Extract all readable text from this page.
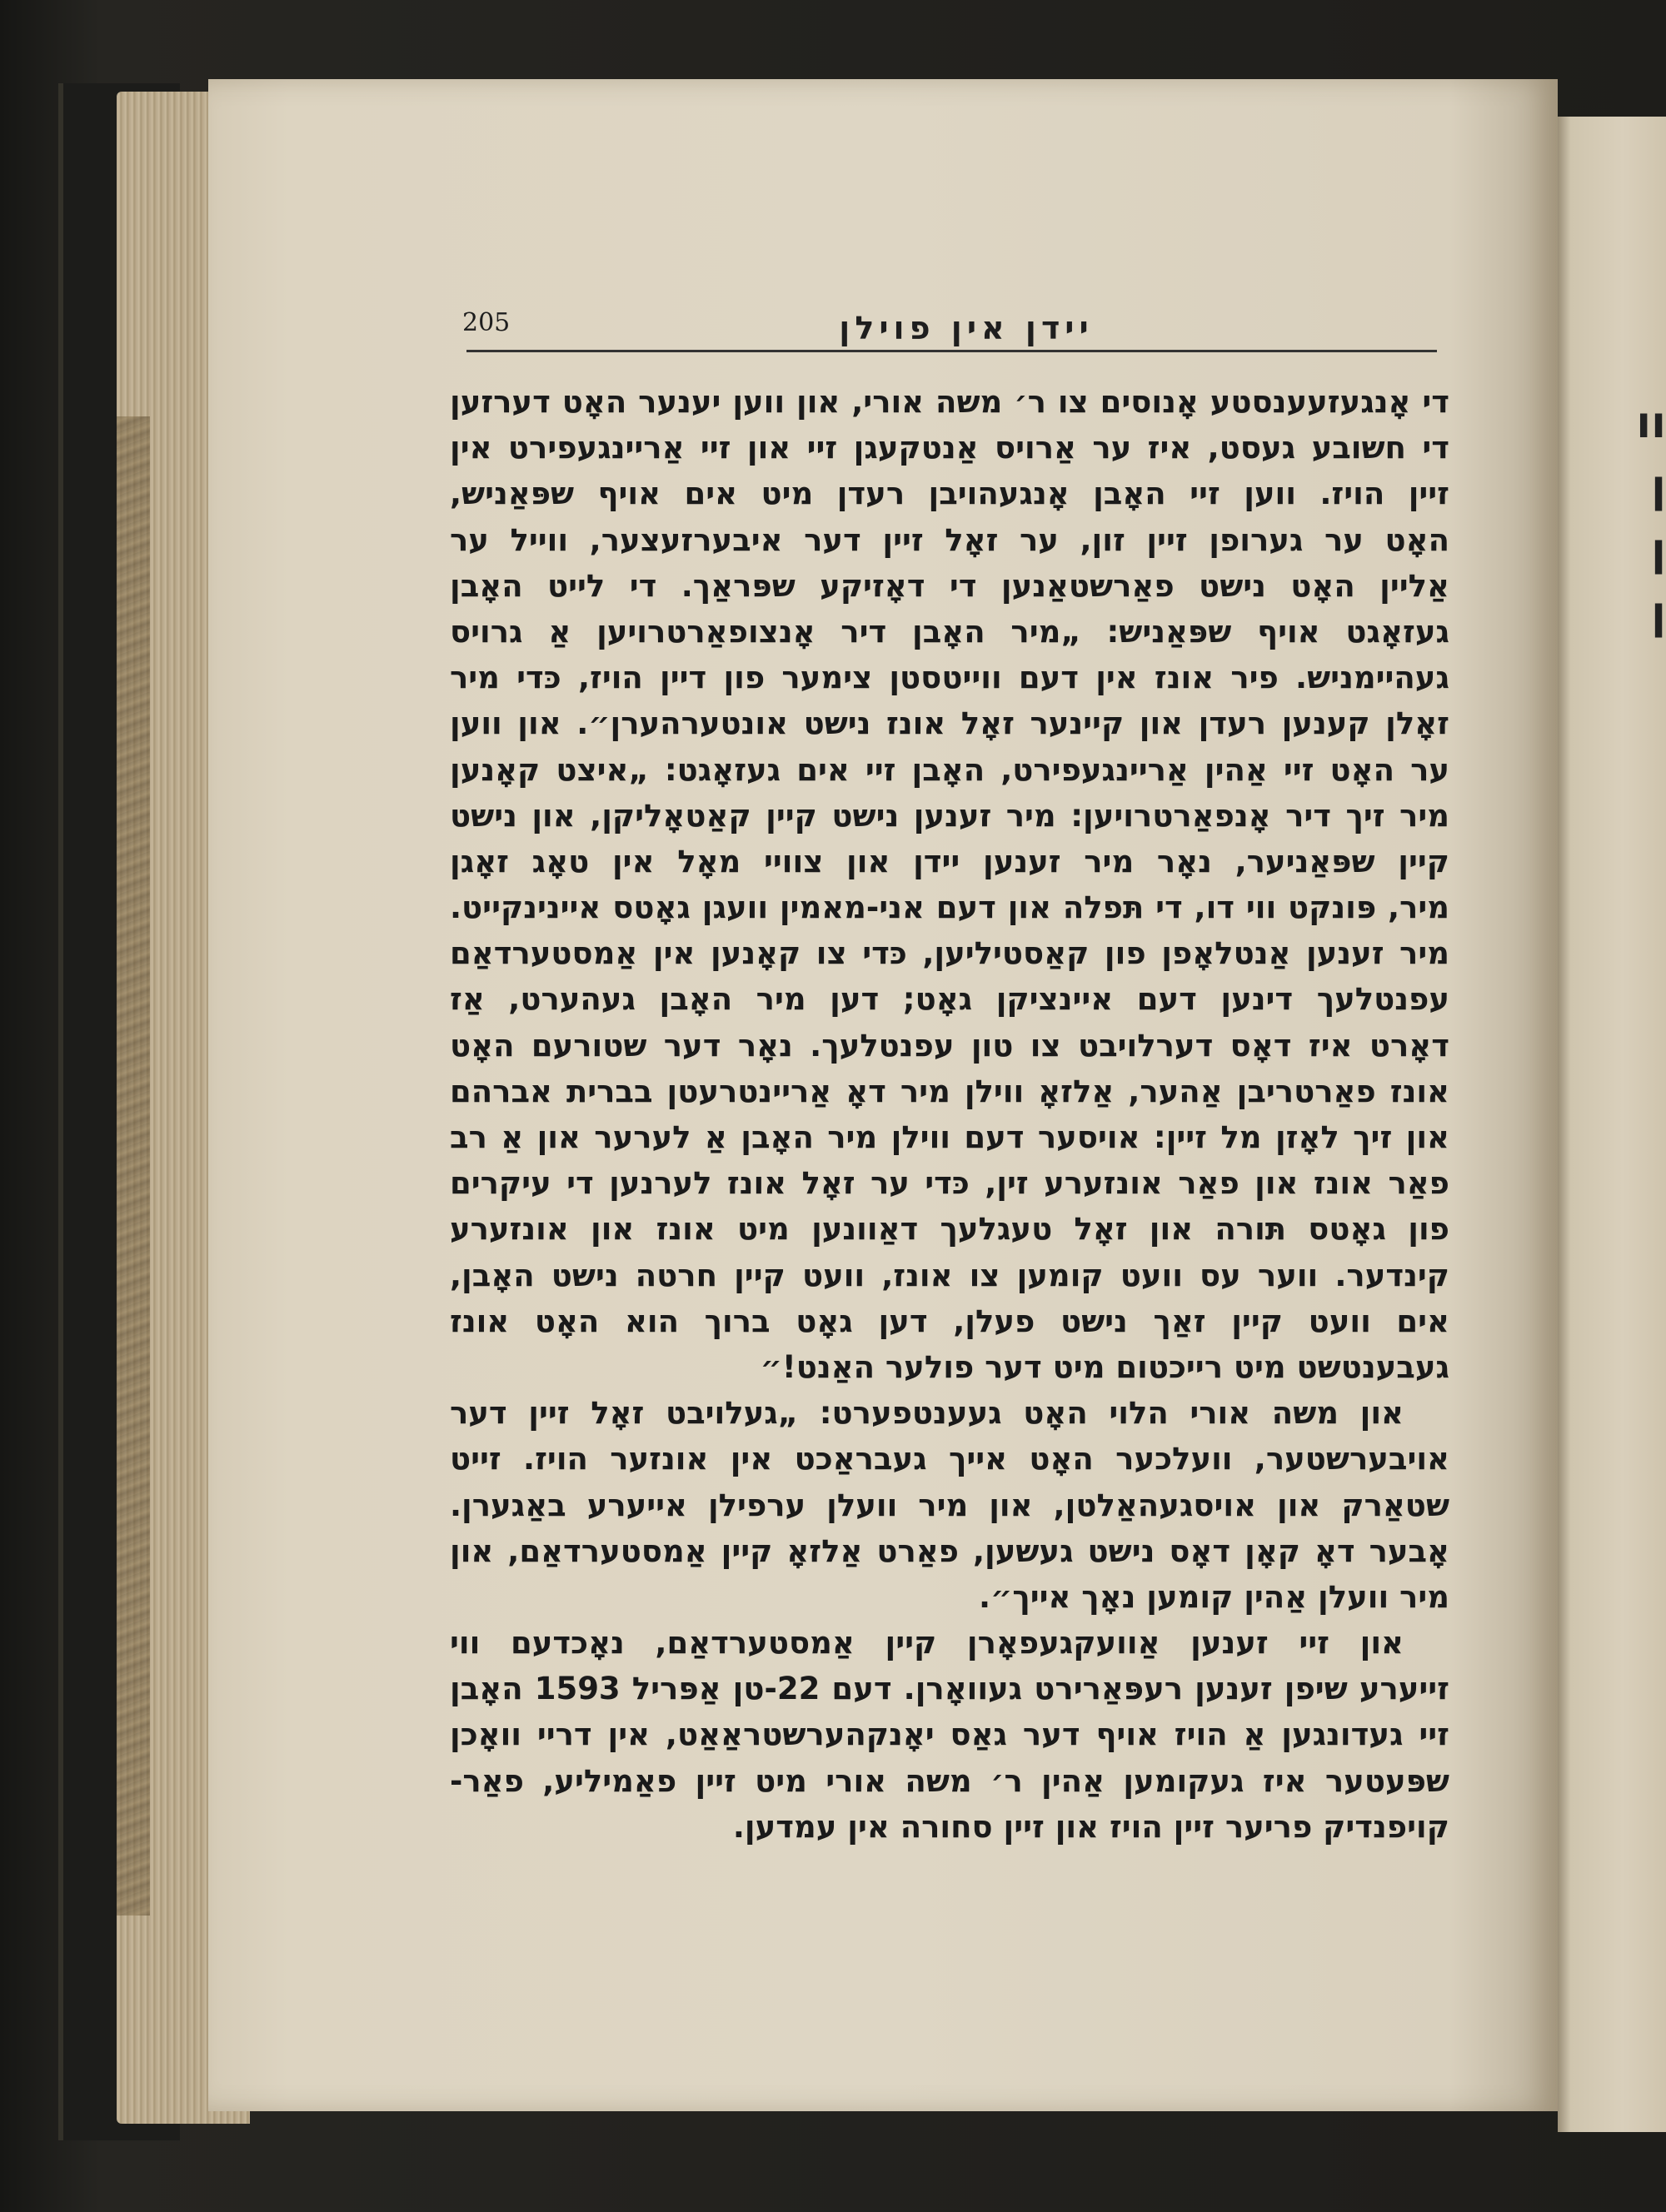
וו
ן
ן
ן
205	יידן אין פוילן
די אָנגעזעענסטע אָנוסים צו ר׳ משה אורי, און ווען יענער האָט דערזען
די חשובע געסט, איז ער אַרויס אַנטקעגן זיי און זיי אַריינגעפירט אין
זיין הויז. ווען זיי האָבן אָנגעהויבן רעדן מיט אים אויף שפּאַניש,
האָט ער גערופן זיין זון, ער זאָל זיין דער איבערזעצער, ווייל ער
אַליין האָט נישט פאַרשטאַנען די דאָזיקע שפּראַך. די לייט האָבן
געזאָגט אויף שפּאַניש: „מיר האָבן דיר אָנצופאַרטרויען אַ גרויס
געהיימניש. פיר אונז אין דעם ווייטסטן צימער פון דיין הויז, כּדי מיר
זאָלן קענען רעדן און קיינער זאָל אונז נישט אונטערהערן״. און ווען
ער האָט זיי אַהין אַריינגעפירט, האָבן זיי אים געזאָגט: „איצט קאָנען
מיר זיך דיר אָנפאַרטרויען: מיר זענען נישט קיין קאַטאָליקן, און נישט
קיין שפּאַניער, נאָר מיר זענען יידן און צוויי מאָל אין טאָג זאָגן
מיר, פּונקט ווי דו, די תּפלה און דעם אני-מאמין וועגן גאָטס איינינקייט.
מיר זענען אַנטלאָפן פון קאַסטיליען, כּדי צו קאָנען אין אַמסטערדאַם
עפנטלעך דינען דעם איינציקן גאָט; דען מיר האָבן געהערט, אַז
דאָרט איז דאָס דערלויבט צו טון עפנטלעך. נאָר דער שטורעם האָט
אונז פאַרטריבן אַהער, אַלזאָ ווילן מיר דאָ אַריינטרעטן בברית אברהם
און זיך לאָזן מל זיין: אויסער דעם ווילן מיר האָבן אַ לערער און אַ רב
פאַר אונז און פאַר אונזערע זין, כּדי ער זאָל אונז לערנען די עיקרים
פון גאָטס תּורה און זאָל טעגלעך דאַוונען מיט אונז און אונזערע
קינדער. ווער עס וועט קומען צו אונז, וועט קיין חרטה נישט האָבן,
אים וועט קיין זאַך נישט פעלן, דען גאָט ברוך הוא האָט אונז
געבענטשט מיט רייכטום מיט דער פולער האַנט!״
און משה אורי הלוי האָט געענטפערט: „געלויבט זאָל זיין דער
אויבערשטער, וועלכער האָט אייך געבראַכט אין אונזער הויז. זייט
שטאַרק און אויסגעהאַלטן, און מיר וועלן ערפילן אייערע באַגערן.
אָבער דאָ קאָן דאָס נישט געשען, פאַרט אַלזאָ קיין אַמסטערדאַם, און
מיר וועלן אַהין קומען נאָך אייך״.
און זיי זענען אַוועקגעפאָרן קיין אַמסטערדאַם, נאָכדעם ווי
זייערע שיפן זענען רעפּאַרירט געוואָרן. דעם 22-טן אַפּריל 1593 האָבן
זיי געדונגען אַ הויז אויף דער גאַס יאָנקהערשטראַאַט, אין דריי וואָכן
שפּעטער איז געקומען אַהין ר׳ משה אורי מיט זיין פאַמיליע, פאַר-
קויפנדיק פריער זיין הויז און זיין סחורה אין עמדען.
